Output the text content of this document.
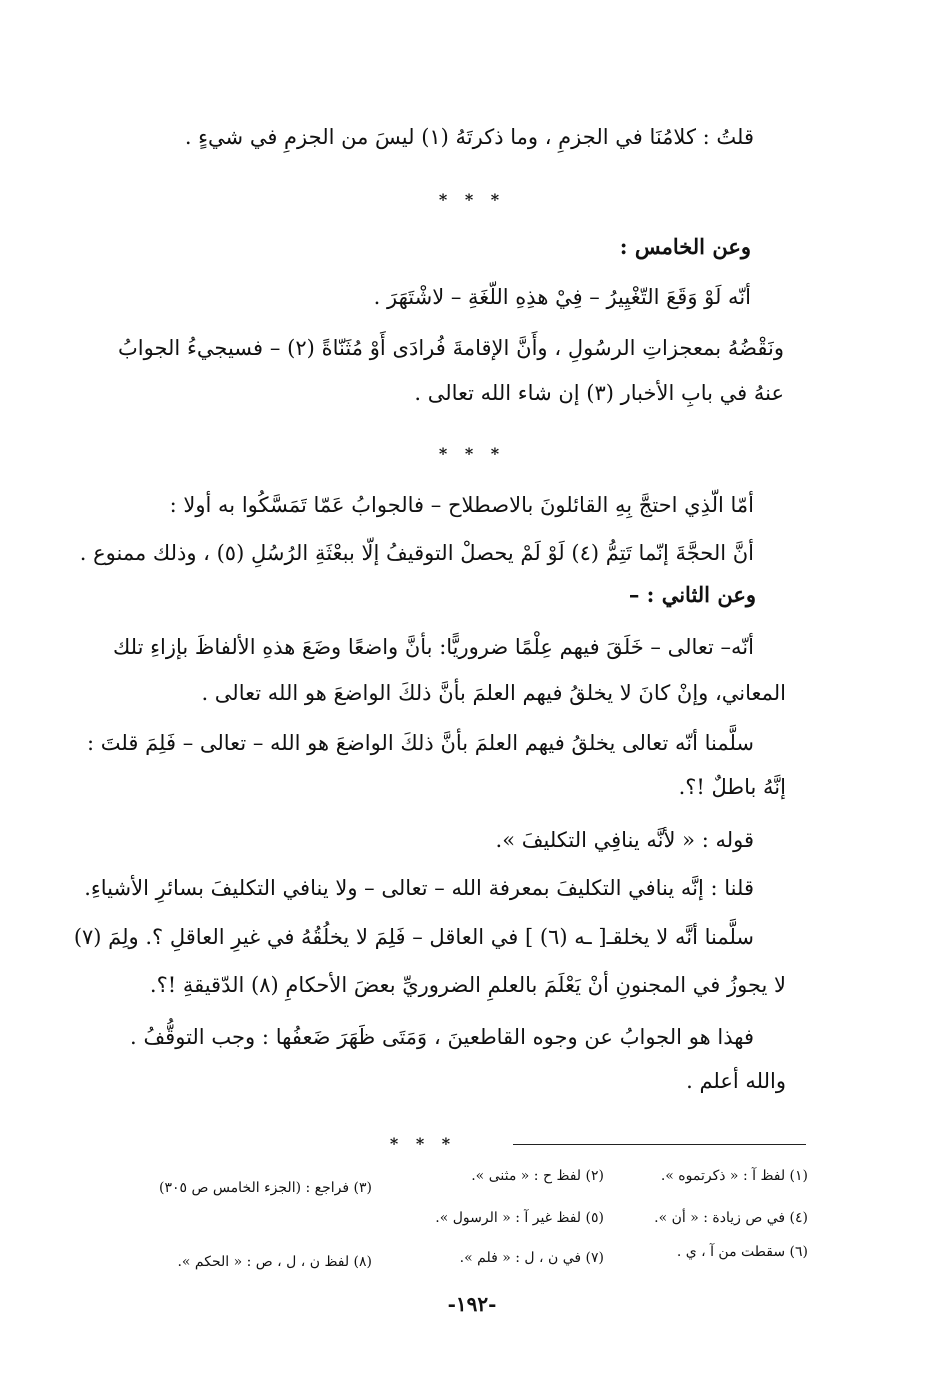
قلتُ : كلامُنَا في الجزمِ ، وما ذكرتَهُ (١) ليسَ من الجزمِ في شيءٍ .
* * *
وعن الخامس :
أنّه لَوْ وَقَعَ التّغْيِيرُ – فِيْ هذِهِ اللّغَةِ – لاشْتَهَرَ .
ونَقْضُهُ بمعجزاتِ الرسُولِ ، وأَنَّ الإقامةَ فُرادَى أَوْ مُثَنّاةً (٢) – فسيجيءُ الجوابُ
عنهُ في بابِ الأخبار (٣) إن شاء الله تعالى .
* * *
أمّا الّذِي احتجَّ بِهِ القائلونَ بالاصطلاح – فالجوابُ عَمّا تَمَسَّكُوا به أولا :
أنَّ الحجَّةَ إنّما تَتِمُّ (٤) لَوْ لَمْ يحصلْ التوقيفُ إلّا ببعْثَةِ الرُسُلِ (٥) ، وذلك ممنوع .
وعن الثاني : –
أنّه– تعالى – خَلَقَ فيهم عِلْمًا ضروريًّا: بأنَّ واضعًا وضَعَ هذهِ الألفاظَ بإزاءِ تلك
المعاني، وإنْ كانَ لا يخلقُ فيهم العلمَ بأنَّ ذلكَ الواضعَ هو الله تعالى .
سلَّمنا أنّه تعالى يخلقُ فيهم العلمَ بأنَّ ذلكَ الواضعَ هو الله – تعالى – فَلِمَ قلتَ :
إنَّهُ باطلٌ !؟.
قوله : « لأنَّه ينافِي التكليفَ ».
قلنا : إنَّه ينافي التكليفَ بمعرفة الله – تعالى – ولا ينافي التكليفَ بسائرِ الأشياءِ.
سلَّمنا أنَّه لا يخلقـ[ ـه (٦) ] في العاقل – فَلِمَ لا يخلُقُهُ في غيرِ العاقلِ ؟. ولِمَ (٧)
لا يجوزُ في المجنونِ أنْ يَعْلَمَ بالعلمِ الضروريِّ بعضَ الأحكامِ (٨) الدّقيقةِ !؟.
فهذا هو الجوابُ عن وجوه القاطعينَ ، وَمَتَى ظَهَرَ ضَعفُها : وجب التوقُّفُ .
والله أعلم .
* * *
(١) لفظ آ : « ذكرتموه ».
(٢) لفظ ح : « مثنى ».
(٣) فراجع : (الجزء الخامس ص ٣٠٥)
(٤) في ص زيادة : « أن ».
(٥) لفظ غير آ : « الرسول ».
(٦) سقطت من آ ، ي .
(٧) في ن ، ل : « فلم ».
(٨) لفظ ن ، ل ، ص : « الحكم ».
-١٩٢-
